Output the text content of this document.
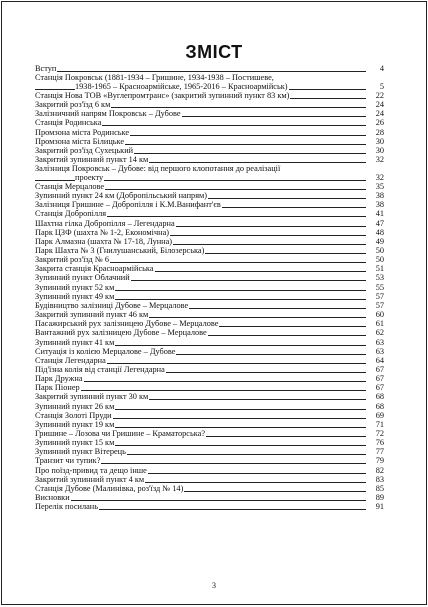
ЗМІСТ
Вступ	4
Станція Покровськ (1881-1934 – Гришине, 1934-1938 – Постишеве,
1938-1965 – Красноармійське, 1965-2016 – Красноармійськ)	5
Станція Нова ТОВ «Вуглепромтранс» (закритий зупинний пункт 83 км)	22
Закритий роз'їзд 6 км	24
Залізничний напрям Покровськ – Дубове	24
Станція Родинська	26
Промзона міста Родинське	28
Промзона міста Білицьке	30
Закритий роз'їзд Сухецький	30
Закритий зупинний пункт 14 км	32
Залізниця Покровськ – Дубове: від першого клопотання до реалізації
проекту	32
Станція Мерцалове	35
Зупинний пункт 24 км (Добропільський напрям)	38
Залізниця Гришине – Добропілля і К.М.Ванифант'єв	38
Станція Добропілля	41
Шахтна гілка Добропілля – Легендарна	47
Парк ЦЗФ (шахта № 1-2, Економічна)	48
Парк Алмазна (шахта № 17-18, Лунна)	49
Парк Шахта № 3 (Гнилушанський, Білозерська)	50
Закритий роз'їзд № 6	50
Закрита станція Красноармійська	51
Зупинний пункт Облачний	53
Зупинний пункт 52 км	55
Зупинний пункт 49 км	57
Будівництво залізниці Дубове – Мерцалове	57
Закритий зупинний пункт 46 км	60
Пасажирський рух залізницею Дубове – Мерцалове	61
Вантажний рух залізницею Дубове – Мерцалове	62
Зупинний пункт 41 км	63
Ситуація із колією Мерцалове – Дубове	63
Станція Легендарна	64
Під'їзна колія від станції Легендарна	67
Парк Дружна	67
Парк Піонер	67
Закритий зупинний пункт 30 км	68
Зупинний пункт 26 км	68
Станція Золоті Пруди	69
Зупинний пункт 19 км	71
Гришине – Лозова чи Гришине – Краматорська?	72
Зупинний пункт 15 км	76
Зупинний пункт Вітерець	77
Транзит чи тупик?	79
Про поїзд-привид та дещо інше	82
Закритий зупинний пункт 4 км	83
Станція Дубове (Малинівка, роз'їзд № 14)	85
Висновки	89
Перелік посилань	91
3
